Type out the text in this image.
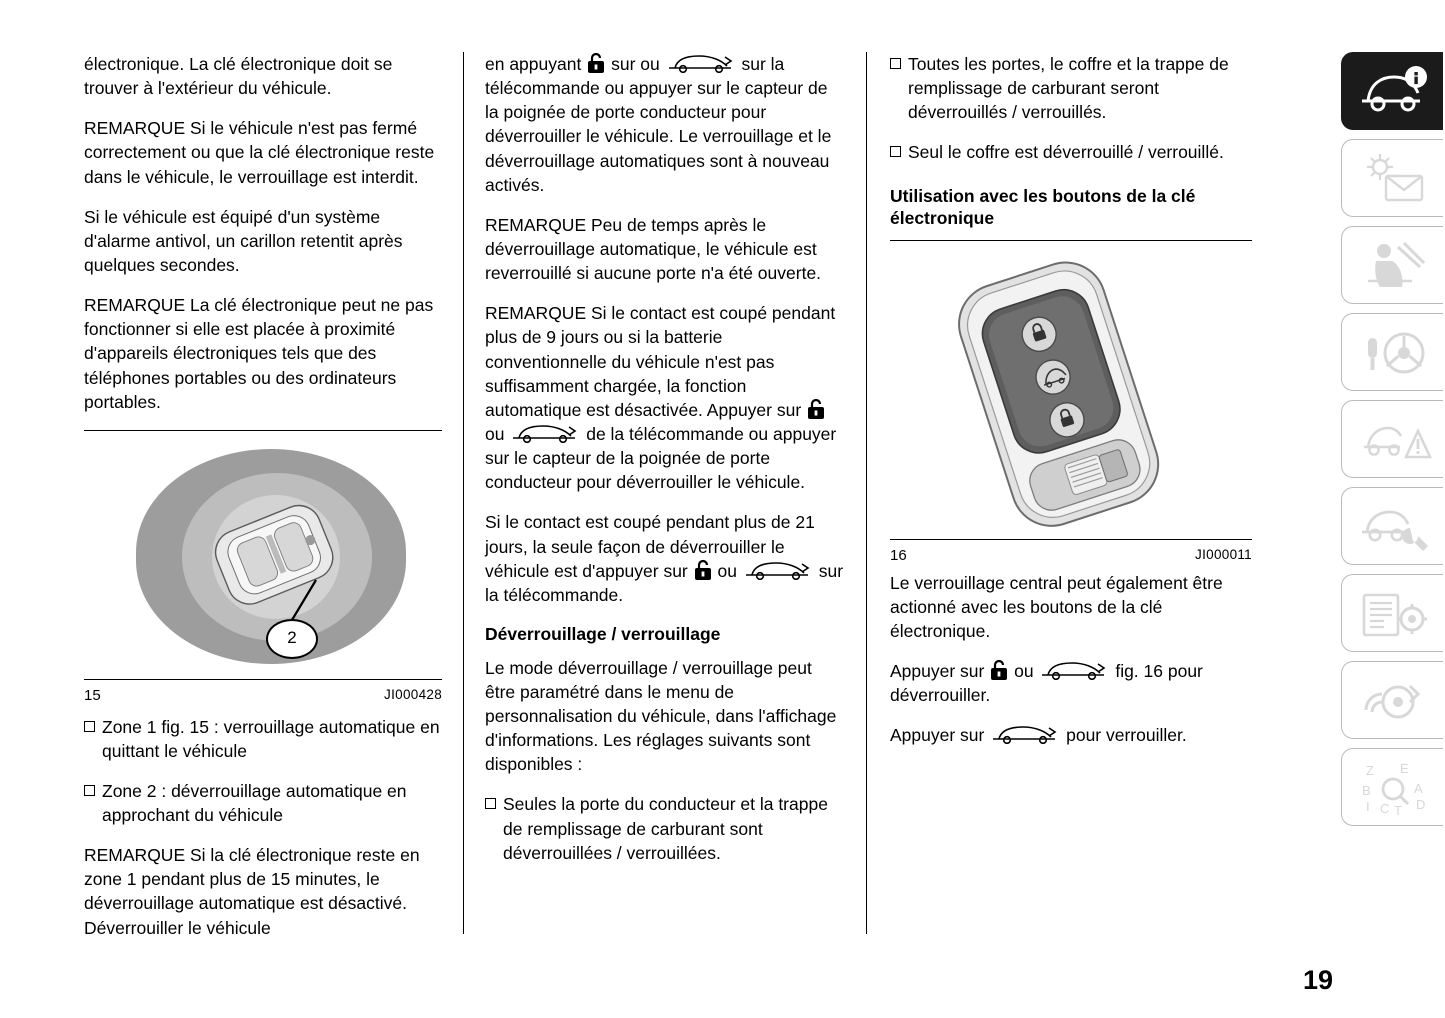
électronique. La clé électronique doit se trouver à l'extérieur du véhicule.

REMARQUE Si le véhicule n'est pas fermé correctement ou que la clé électronique reste dans le véhicule, le verrouillage est interdit.

Si le véhicule est équipé d'un système d'alarme antivol, un carillon retentit après quelques secondes.

REMARQUE La clé électronique peut ne pas fonctionner si elle est placée à proximité d'appareils électroniques tels que des téléphones portables ou des ordinateurs portables.

2
15	JI000428

Zone 1 fig. 15 : verrouillage automatique en quittant le véhicule

Zone 2 : déverrouillage automatique en approchant du véhicule

REMARQUE Si la clé électronique reste en zone 1 pendant plus de 15 minutes, le déverrouillage automatique est désactivé. Déverrouiller le véhicule

en appuyant sur ou	sur la télécommande ou appuyer sur le capteur de la poignée de porte conducteur pour déverrouiller le véhicule. Le verrouillage et le déverrouillage automatiques sont à nouveau activés.

REMARQUE Peu de temps après le déverrouillage automatique, le véhicule est reverrouillé si aucune porte n'a été ouverte.

REMARQUE Si le contact est coupé pendant plus de 9 jours ou si la batterie conventionnelle du véhicule n'est pas suffisamment chargée, la fonction automatique est désactivée. Appuyer sur  ou	de la télécommande ou appuyer sur le capteur de la poignée de porte conducteur pour déverrouiller le véhicule.

Si le contact est coupé pendant plus de 21 jours, la seule façon de déverrouiller le véhicule est d'appuyer sur ou	sur la télécommande.

Déverrouillage / verrouillage

Le mode déverrouillage / verrouillage peut être paramétré dans le menu de personnalisation du véhicule, dans l'affichage d'informations. Les réglages suivants sont disponibles :

Seules la porte du conducteur et la trappe de remplissage de carburant sont déverrouillées / verrouillées.

Toutes les portes, le coffre et la trappe de remplissage de carburant seront déverrouillés / verrouillés.

Seul le coffre est déverrouillé / verrouillé.

Utilisation avec les boutons de la clé électronique
16	JI000011

Le verrouillage central peut également être actionné avec les boutons de la clé électronique.

Appuyer sur ou	fig. 16 pour déverrouiller.

Appuyer sur	pour verrouiller.

Z E
B	A
I C T D
19
